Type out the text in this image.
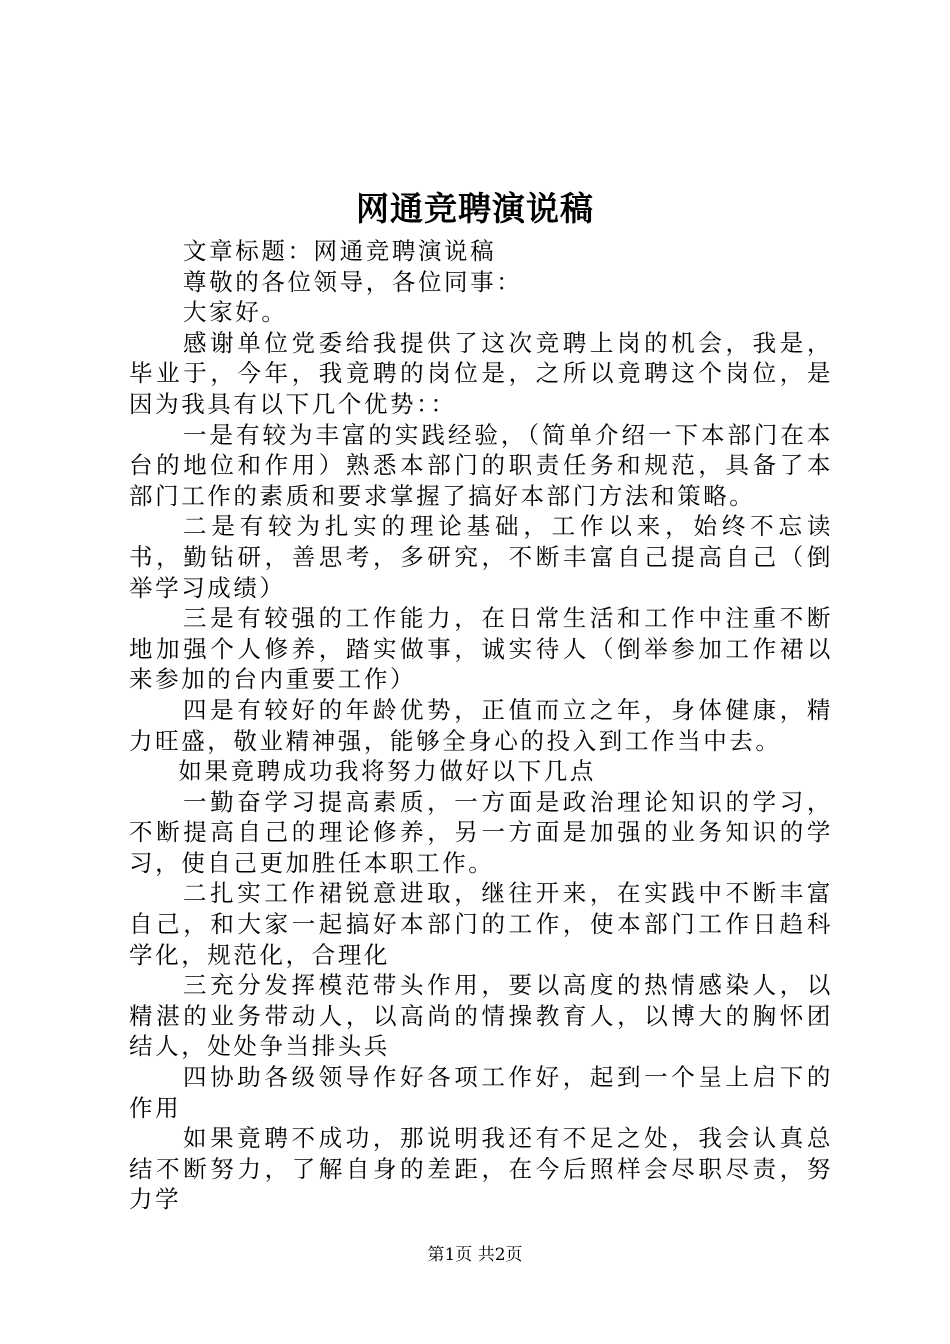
网通竞聘演说稿

文章标题：网通竞聘演说稿

尊敬的各位领导，各位同事：

大家好。

感谢单位党委给我提供了这次竞聘上岗的机会，我是，毕业于，今年，我竟聘的岗位是，之所以竟聘这个岗位，是因为我具有以下几个优势：：

一是有较为丰富的实践经验，（简单介绍一下本部门在本台的地位和作用）熟悉本部门的职责任务和规范，具备了本部门工作的素质和要求掌握了搞好本部门方法和策略。

二是有较为扎实的理论基础，工作以来，始终不忘读书，勤钻研，善思考，多研究，不断丰富自己提高自己（倒举学习成绩）

三是有较强的工作能力，在日常生活和工作中注重不断地加强个人修养，踏实做事，诚实待人（倒举参加工作裙以来参加的台内重要工作）

四是有较好的年龄优势，正值而立之年，身体健康，精力旺盛，敬业精神强，能够全身心的投入到工作当中去。

如果竟聘成功我将努力做好以下几点

一勤奋学习提高素质，一方面是政治理论知识的学习，不断提高自己的理论修养，另一方面是加强的业务知识的学习，使自己更加胜任本职工作。

二扎实工作裙锐意进取，继往开来，在实践中不断丰富自己，和大家一起搞好本部门的工作，使本部门工作日趋科学化，规范化，合理化

三充分发挥模范带头作用，要以高度的热情感染人，以精湛的业务带动人，以高尚的情操教育人，以博大的胸怀团结人，处处争当排头兵

四协助各级领导作好各项工作好，起到一个呈上启下的作用

如果竟聘不成功，那说明我还有不足之处，我会认真总结不断努力，了解自身的差距，在今后照样会尽职尽责，努力学

第1页 共2页
